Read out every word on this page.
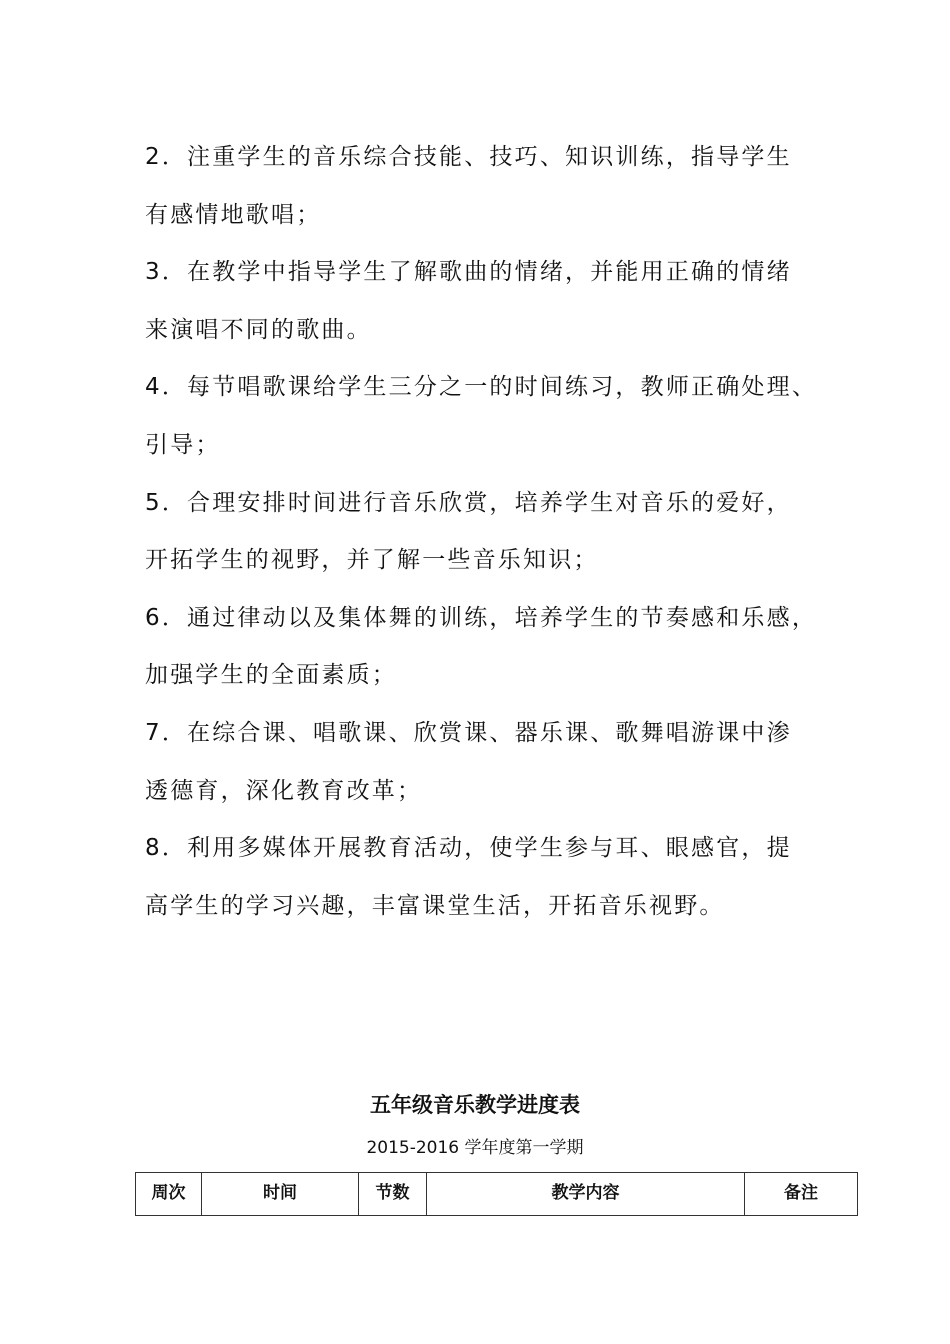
2．注重学生的音乐综合技能、技巧、知识训练，指导学生
有感情地歌唱；
3．在教学中指导学生了解歌曲的情绪，并能用正确的情绪
来演唱不同的歌曲。
4．每节唱歌课给学生三分之一的时间练习，教师正确处理、
引导；
5．合理安排时间进行音乐欣赏，培养学生对音乐的爱好，
开拓学生的视野，并了解一些音乐知识；
6．通过律动以及集体舞的训练，培养学生的节奏感和乐感，
加强学生的全面素质；
7．在综合课、唱歌课、欣赏课、器乐课、歌舞唱游课中渗
透德育，深化教育改革；
8．利用多媒体开展教育活动，使学生参与耳、眼感官，提
高学生的学习兴趣，丰富课堂生活，开拓音乐视野。
五年级音乐教学进度表
2015-2016 学年度第一学期
周次	时间	节数	教学内容	备注
